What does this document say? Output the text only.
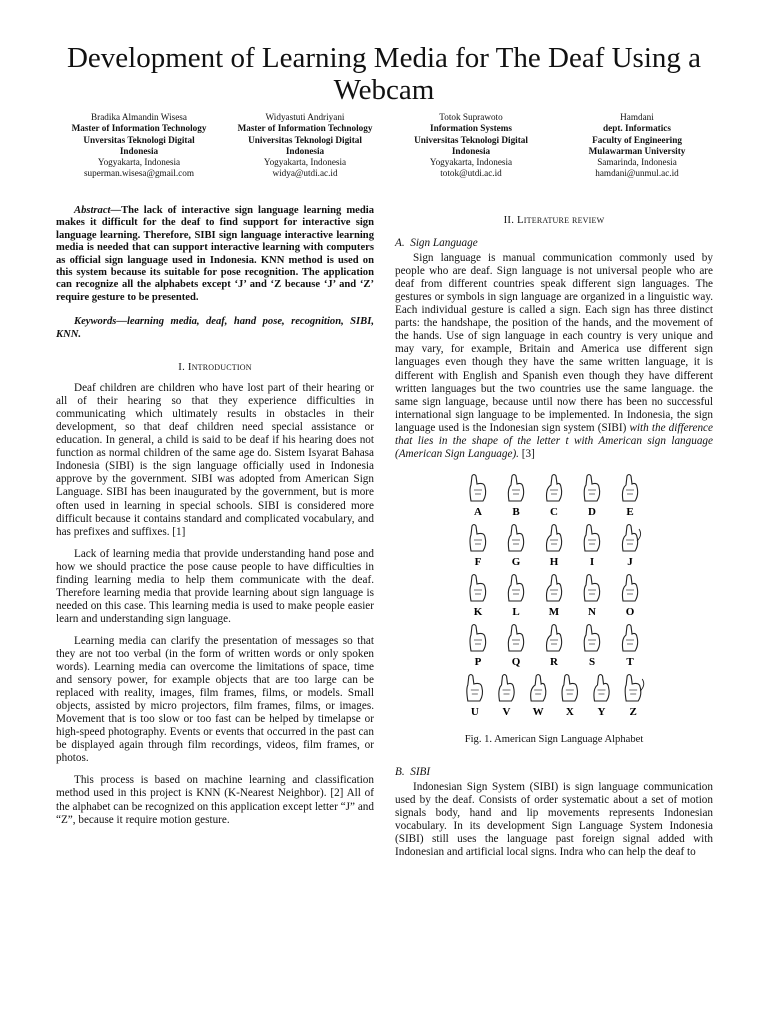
Development of Learning Media for The Deaf Using a Webcam
Bradika Almandin Wisesa
Master of Information Technology
Unversitas Teknologi Digital
Indonesia
Yogyakarta, Indonesia
superman.wisesa@gmail.com
Widyastuti Andriyani
Master of Information Technology
Universitas Teknologi Digital
Indonesia
Yogyakarta, Indonesia
widya@utdi.ac.id
Totok Suprawoto
Information Systems
Universitas Teknologi Digital
Indonesia
Yogyakarta, Indonesia
totok@utdi.ac.id
Hamdani
dept. Informatics
Faculty of Engineering
Mulawarman University
Samarinda, Indonesia
hamdani@unmul.ac.id

Abstract—The lack of interactive sign language learning media makes it difficult for the deaf to find support for interactive sign language learning. Therefore, SIBI sign language interactive learning media is needed that can support interactive learning with computers as official sign language used in Indonesia. KNN method is used on this system because its suitable for pose recognition. The application can recognize all the alphabets except ‘J’ and ‘Z because ‘J’ and ‘Z’ require gesture to be presented.

Keywords—learning media, deaf, hand pose, recognition, SIBI, KNN.

I. Introduction

Deaf children are children who have lost part of their hearing or all of their hearing so that they experience difficulties in communicating which ultimately results in obstacles in their development, so that deaf children need special assistance or education. In general, a child is said to be deaf if his hearing does not function as normal children of the same age do. Sistem Isyarat Bahasa Indonesia (SIBI) is the sign language officially used in Indonesia approve by the government. SIBI was adopted from American Sign Language. SIBI has been inaugurated by the government, but is more often used in learning in special schools. SIBI is considered more difficult because it contains standard and complicated vocabulary, and has prefixes and suffixes. [1]

Lack of learning media that provide understanding hand pose and how we should practice the pose cause people to have difficulties in finding learning media to help them communicate with the deaf. Therefore learning media that provide learning about sign language is needed on this case. This learning media is used to make people easier learn and understanding sign language.

Learning media can clarify the presentation of messages so that they are not too verbal (in the form of written words or only spoken words). Learning media can overcome the limitations of space, time and sensory power, for example objects that are too large can be replaced with reality, images, film frames, films, or models. Small objects, assisted by micro projectors, film frames, films, or images. Movement that is too slow or too fast can be helped by timelapse or high-speed photography. Events or events that occurred in the past can be displayed again through film recordings, videos, film frames, or photos.

This process is based on machine learning and classification method used in this project is KNN (K-Nearest Neighbor). [2] All of the alphabet can be recognized on this application except letter “J” and “Z”, because it require motion gesture.

II. Literature review

A. Sign Language

Sign language is manual communication commonly used by people who are deaf. Sign language is not universal people who are deaf from different countries speak different sign languages. The gestures or symbols in sign language are organized in a linguistic way. Each individual gesture is called a sign. Each sign has three distinct parts: the handshape, the position of the hands, and the movement of the hands. Use of sign language in each country is very unique and may vary, for example, Britain and America use different sign languages even though they have the same written language, it is different with English and Spanish even though they have different written languages but the two countries use the same language. the same sign language, because until now there has been no successful international sign language to be implemented. In Indonesia, the sign language used is the Indonesian sign system (SIBI) with the difference that lies in the shape of the letter t with American sign language (American Sign Language). [3]

A	B	C	D	E
F	G	H	I	J
K	L	M	N	O
P	Q	R	S	T
U V W X Y Z
Fig. 1. American Sign Language Alphabet

B. SIBI

Indonesian Sign System (SIBI) is sign language communication used by the deaf. Consists of order systematic about a set of motion signals body, hand and lip movements represents Indonesian vocabulary. In its development Sign Language System Indonesia (SIBI) still uses the language past foreign signal added with Indonesian and artificial local signs. Indra who can help the deaf to
